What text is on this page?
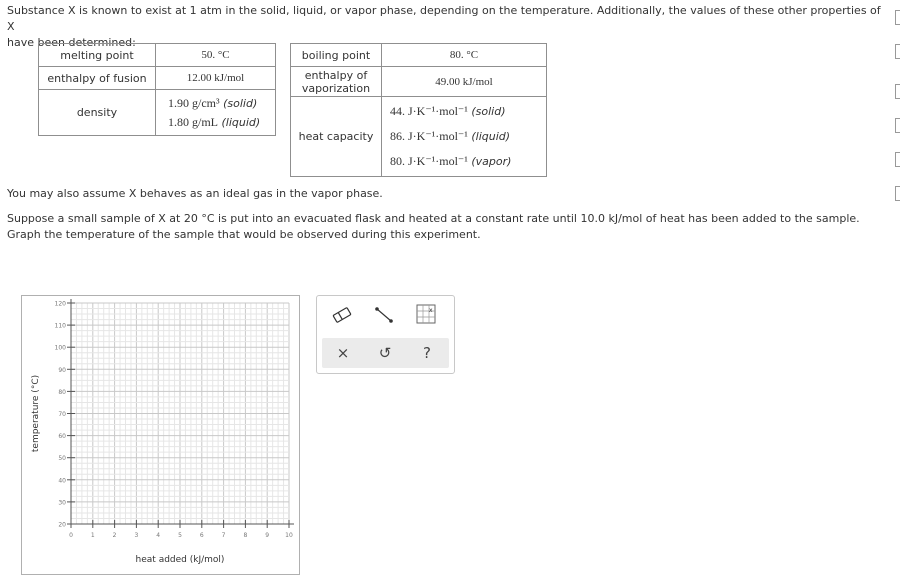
Substance X is known to exist at 1 atm in the solid, liquid, or vapor phase, depending on the temperature. Additionally, the values of these other properties of X

have been determined:

melting point	50. °C
enthalpy of fusion	12.00 kJ/mol
density	1.90 g/cm³ (solid)
1.80 g/mL (liquid)
boiling point	80. °C

enthalpy of
vaporization	49.00 kJ/mol
heat capacity	44. J·K⁻¹·mol⁻¹ (solid)
86. J·K⁻¹·mol⁻¹ (liquid)
80. J·K⁻¹·mol⁻¹ (vapor)

You may also assume X behaves as an ideal gas in the vapor phase.

Suppose a small sample of X at 20 °C is put into an evacuated flask and heated at a constant rate until 10.0 kJ/mol of heat has been added to the sample.

Graph the temperature of the sample that would be observed during this experiment.

20
30
40
50
60
70
80
90
100
110
120
0	1	2	3	4	5	6	7	8	9	10
heat added (kJ/mol)
temperature (°C)
x
×	↺	?
